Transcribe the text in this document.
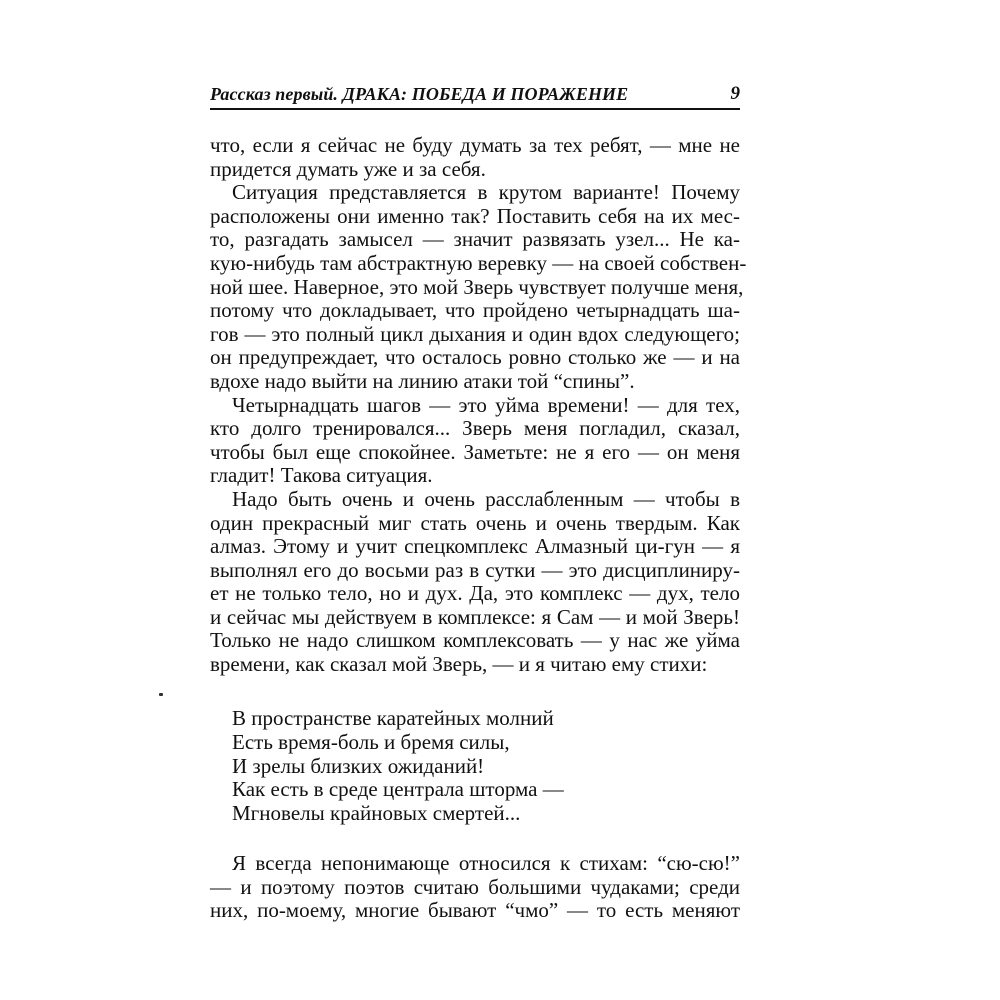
Рассказ первый. ДРАКА: ПОБЕДА И ПОРАЖЕНИЕ	9
что, если я сейчас не буду думать за тех ребят, — мне не
придется думать уже и за себя.
Ситуация представляется в крутом варианте! Почему
расположены они именно так? Поставить себя на их мес-
то, разгадать замысел — значит развязать узел... Не ка-
кую-нибудь там абстрактную веревку — на своей собствен-
ной шее. Наверное, это мой Зверь чувствует получше меня,
потому что докладывает, что пройдено четырнадцать ша-
гов — это полный цикл дыхания и один вдох следующего;
он предупреждает, что осталось ровно столько же — и на
вдохе надо выйти на линию атаки той “спины”.
Четырнадцать шагов — это уйма времени! — для тех,
кто долго тренировался... Зверь меня погладил, сказал,
чтобы был еще спокойнее. Заметьте: не я его — он меня
гладит! Такова ситуация.
Надо быть очень и очень расслабленным — чтобы в
один прекрасный миг стать очень и очень твердым. Как
алмаз. Этому и учит спецкомплекс Алмазный ци-гун — я
выполнял его до восьми раз в сутки — это дисциплиниру-
ет не только тело, но и дух. Да, это комплекс — дух, тело
и сейчас мы действуем в комплексе: я Сам — и мой Зверь!
Только не надо слишком комплексовать — у нас же уйма
времени, как сказал мой Зверь, — и я читаю ему стихи:
В пространстве каратейных молний
Есть время-боль и бремя силы,
И зрелы близких ожиданий!
Как есть в среде централа шторма —
Мгновелы крайновых смертей...
Я всегда непонимающе относился к стихам: “сю-сю!”
— и поэтому поэтов считаю большими чудаками; среди
них, по-моему, многие бывают “чмо” — то есть меняют
